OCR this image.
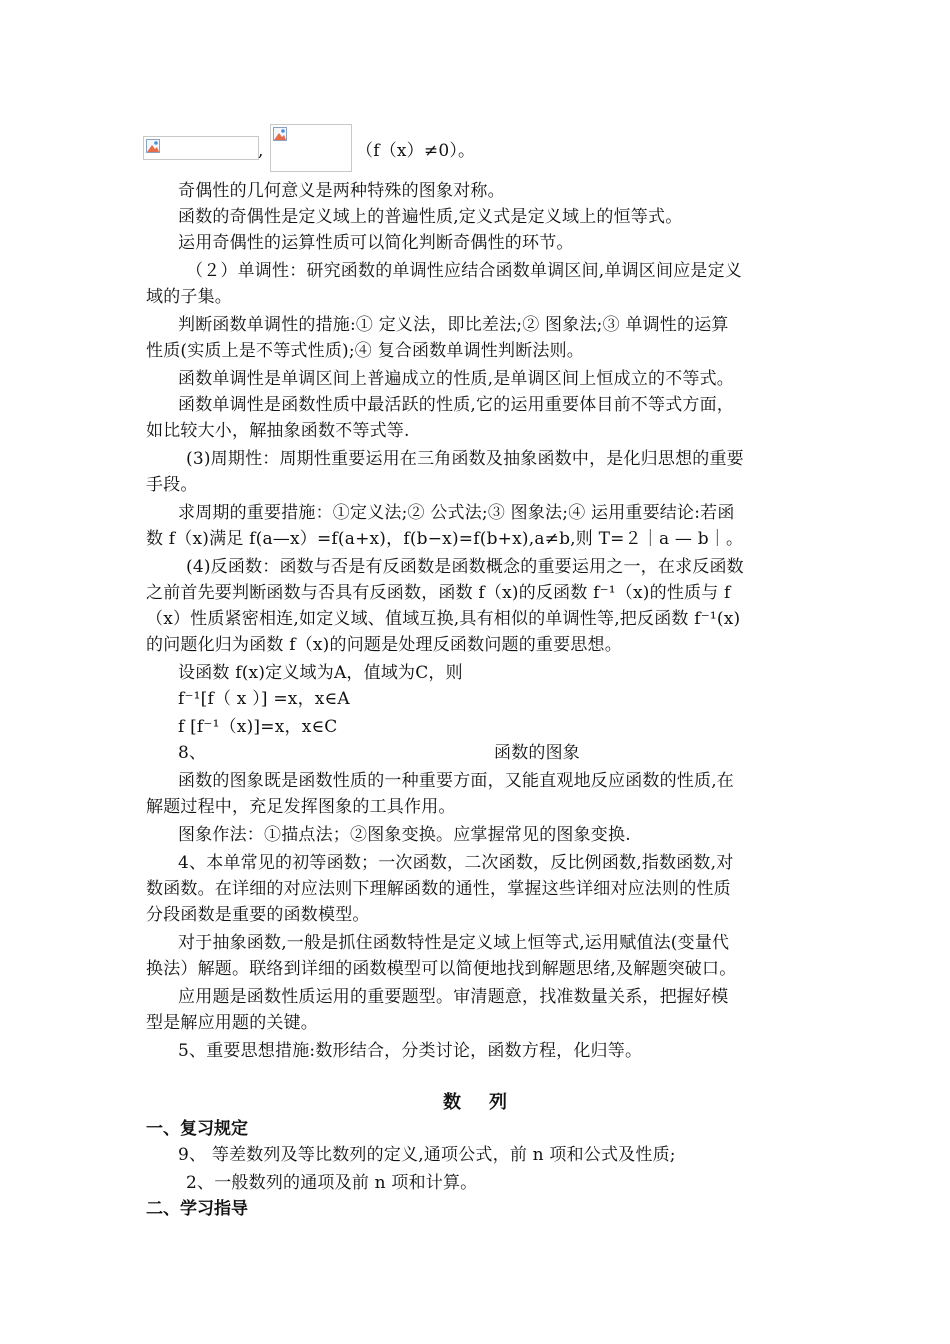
,	（f（x）≠0）。
奇偶性的几何意义是两种特殊的图象对称。
函数的奇偶性是定义域上的普遍性质,定义式是定义域上的恒等式。
运用奇偶性的运算性质可以简化判断奇偶性的环节。
（２）单调性：研究函数的单调性应结合函数单调区间,单调区间应是定义
域的子集。
判断函数单调性的措施:① 定义法，即比差法;② 图象法;③ 单调性的运算
性质(实质上是不等式性质);④ 复合函数单调性判断法则。
函数单调性是单调区间上普遍成立的性质,是单调区间上恒成立的不等式。
函数单调性是函数性质中最活跃的性质,它的运用重要体目前不等式方面，
如比较大小，解抽象函数不等式等.
(3)周期性：周期性重要运用在三角函数及抽象函数中，是化归思想的重要
手段。
求周期的重要措施：①定义法;② 公式法;③ 图象法;④ 运用重要结论:若函
数 f（x)满足 f(a—x）=f(a+x)，f(b−x)=f(b+x),a≠b,则 T=２｜a — b｜。
(4)反函数：函数与否是有反函数是函数概念的重要运用之一，在求反函数
之前首先要判断函数与否具有反函数，函数 f（x)的反函数 f⁻¹（x)的性质与 f
（x）性质紧密相连,如定义域、值域互换,具有相似的单调性等,把反函数 f⁻¹(x)
的问题化归为函数 f（x)的问题是处理反函数问题的重要思想。
设函数 f(x)定义域为A，值域为C，则
f⁻¹[f（ x ）] =x，x∈A
f [f⁻¹（x)]=x，x∈C
8、	函数的图象
函数的图象既是函数性质的一种重要方面，又能直观地反应函数的性质,在
解题过程中，充足发挥图象的工具作用。
图象作法：①描点法；②图象变换。应掌握常见的图象变换.
4、本单常见的初等函数；一次函数，二次函数，反比例函数,指数函数,对
数函数。在详细的对应法则下理解函数的通性，掌握这些详细对应法则的性质
分段函数是重要的函数模型。
对于抽象函数,一般是抓住函数特性是定义域上恒等式,运用赋值法(变量代
换法）解题。联络到详细的函数模型可以简便地找到解题思绪,及解题突破口。
应用题是函数性质运用的重要题型。审清题意，找准数量关系，把握好模
型是解应用题的关键。
5、重要思想措施:数形结合，分类讨论，函数方程，化归等。
数列
一、复习规定
9、 等差数列及等比数列的定义,通项公式，前 n 项和公式及性质;
2、一般数列的通项及前 n 项和计算。
二、学习指导
